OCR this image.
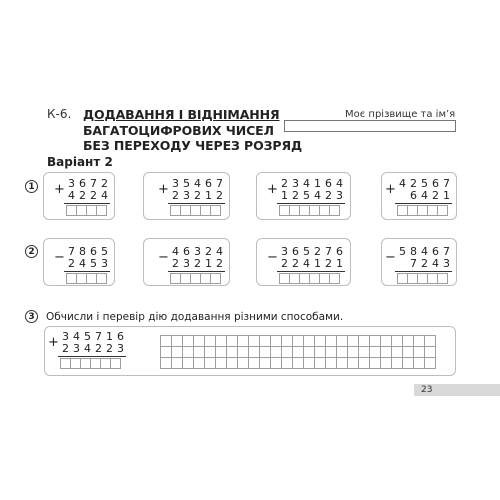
К-6. ДОДАВАННЯ І ВІДНІМАННЯ
БАГАТОЦИФРОВИХ ЧИСЕЛ
БЕЗ ПЕРЕХОДУ ЧЕРЕЗ РОЗРЯД
Моє прізвище та ім’я
Варіант 2
1
2
3
3 6 7 2
4 2 2 4
+	3 5 4 6 7
2 3 2 1 2
+	2 3 4 1 6 4
1 2 5 4 2 3
+	4 2 5 6 7
6 4 2 1
+
7 8 6 5
2 4 5 3
−	4 6 3 2 4
2 3 2 1 2
−	3 6 5 2 7 6
2 2 4 1 2 1
−	5 8 4 6 7
7 2 4 3
−
Обчисли і перевір дію додавання різними способами.
3 4 5 7 1 6
2 3 4 2 2 3
+
23
